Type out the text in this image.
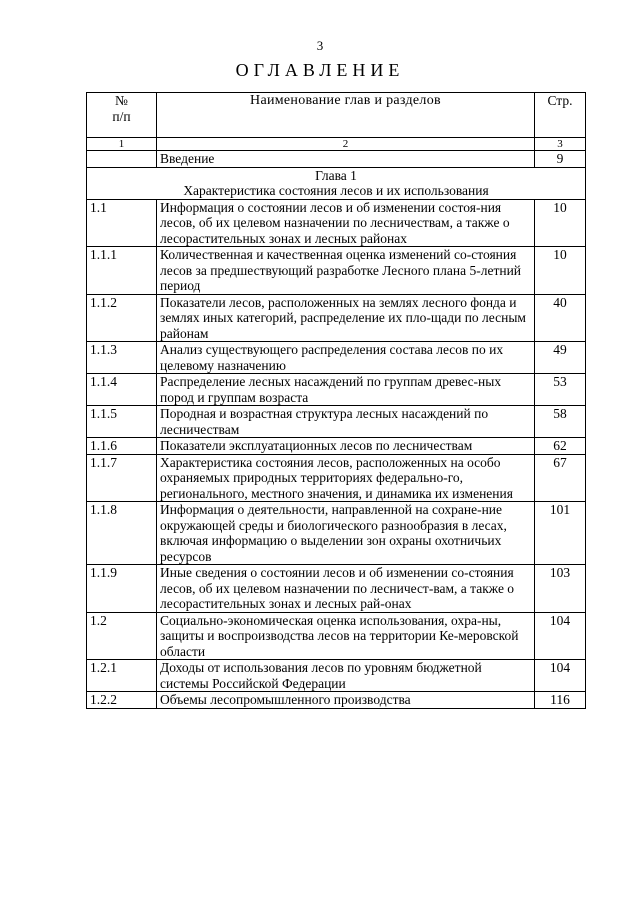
3
ОГЛАВЛЕНИЕ
№
п/п	Наименование глав и разделов	Стр.
1	2	3
	Введение	9

Глава 1
Характеристика состояния лесов и их использования		

1.1	Информация о состоянии лесов и об изменении состоя-ния лесов, об их целевом назначении по лесничествам, а также о лесорастительных зонах и лесных районах	10
1.1.1	Количественная и качественная оценка изменений со-стояния лесов за предшествующий разработке Лесного плана 5-летний период	10
1.1.2	Показатели лесов, расположенных на землях лесного фонда и землях иных категорий, распределение их пло-щади по лесным районам	40
1.1.3	Анализ существующего распределения состава лесов по их целевому назначению	49
1.1.4	Распределение лесных насаждений по группам древес-ных пород и группам возраста	53
1.1.5	Породная и возрастная структура лесных насаждений по лесничествам	58
1.1.6	Показатели эксплуатационных лесов по лесничествам	62
1.1.7	Характеристика состояния лесов, расположенных на особо охраняемых природных территориях федерально-го, регионального, местного значения, и динамика их изменения	67
1.1.8	Информация о деятельности, направленной на сохране-ние окружающей среды и биологического разнообразия в лесах, включая информацию о выделении зон охраны охотничьих ресурсов	101
1.1.9	Иные сведения о состоянии лесов и об изменении со-стояния лесов, об их целевом назначении по лесничест-вам, а также о лесорастительных зонах и лесных рай-онах	103
1.2	Социально-экономическая оценка использования, охра-ны, защиты и воспроизводства лесов на территории Ке-меровской области	104
1.2.1	Доходы от использования лесов по уровням бюджетной системы Российской Федерации	104
1.2.2	Объемы лесопромышленного производства	116
